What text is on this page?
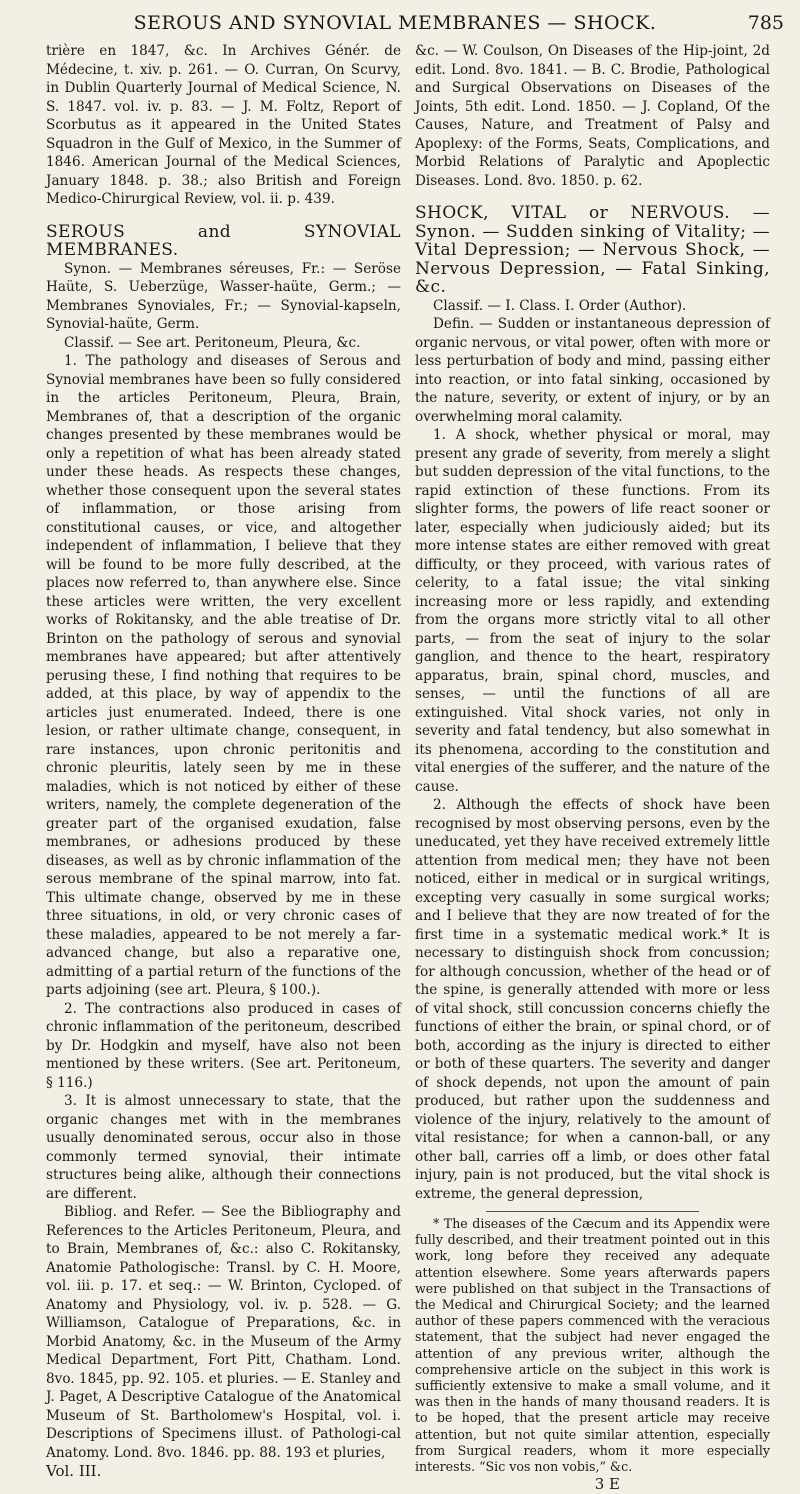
SEROUS AND SYNOVIAL MEMBRANES — SHOCK.	785

trière en 1847, &c. In Archives Génér. de Médecine, t. xiv. p. 261. — O. Curran, On Scurvy, in Dublin Quarterly Journal of Medical Science, N. S. 1847. vol. iv. p. 83. — J. M. Foltz, Report of Scorbutus as it appeared in the United States Squadron in the Gulf of Mexico, in the Summer of 1846. American Journal of the Medical Sciences, January 1848. p. 38.; also British and Foreign Medico-Chirurgical Review, vol. ii. p. 439.

SEROUS and SYNOVIAL MEMBRANES.

Synon. — Membranes séreuses, Fr.: — Seröse Haüte, S. Ueberzüge, Wasser-haüte, Germ.; — Membranes Synoviales, Fr.; — Synovial-kapseln, Synovial-haüte, Germ.

Classif. — See art. Peritoneum, Pleura, &c.

1. The pathology and diseases of Serous and Synovial membranes have been so fully considered in the articles Peritoneum, Pleura, Brain, Membranes of, that a description of the organic changes presented by these membranes would be only a repetition of what has been already stated under these heads. As respects these changes, whether those consequent upon the several states of inflammation, or those arising from constitutional causes, or vice, and altogether independent of inflammation, I believe that they will be found to be more fully described, at the places now referred to, than anywhere else. Since these articles were written, the very excellent works of Rokitansky, and the able treatise of Dr. Brinton on the pathology of serous and synovial membranes have appeared; but after attentively perusing these, I find nothing that requires to be added, at this place, by way of appendix to the articles just enumerated. Indeed, there is one lesion, or rather ultimate change, consequent, in rare instances, upon chronic peritonitis and chronic pleuritis, lately seen by me in these maladies, which is not noticed by either of these writers, namely, the complete degeneration of the greater part of the organised exudation, false membranes, or adhesions produced by these diseases, as well as by chronic inflammation of the serous membrane of the spinal marrow, into fat. This ultimate change, observed by me in these three situations, in old, or very chronic cases of these maladies, appeared to be not merely a far-advanced change, but also a reparative one, admitting of a partial return of the functions of the parts adjoining (see art. Pleura, § 100.).

2. The contractions also produced in cases of chronic inflammation of the peritoneum, described by Dr. Hodgkin and myself, have also not been mentioned by these writers. (See art. Peritoneum, § 116.)

3. It is almost unnecessary to state, that the organic changes met with in the membranes usually denominated serous, occur also in those commonly termed synovial, their intimate structures being alike, although their connections are different.

Bibliog. and Refer. — See the Bibliography and References to the Articles Peritoneum, Pleura, and to Brain, Membranes of, &c.: also C. Rokitansky, Anatomie Pathologische: Transl. by C. H. Moore, vol. iii. p. 17. et seq.: — W. Brinton, Cycloped. of Anatomy and Physiology, vol. iv. p. 528. — G. Williamson, Catalogue of Preparations, &c. in Morbid Anatomy, &c. in the Museum of the Army Medical Department, Fort Pitt, Chatham. Lond. 8vo. 1845, pp. 92. 105. et pluries. — E. Stanley and J. Paget, A Descriptive Catalogue of the Anatomical Museum of St. Bartholomew's Hospital, vol. i. Descriptions of Specimens illust. of Pathologi-cal Anatomy. Lond. 8vo. 1846. pp. 88. 193 et pluries,

Vol. III.

&c. — W. Coulson, On Diseases of the Hip-joint, 2d edit. Lond. 8vo. 1841. — B. C. Brodie, Pathological and Surgical Observations on Diseases of the Joints, 5th edit. Lond. 1850. — J. Copland, Of the Causes, Nature, and Treatment of Palsy and Apoplexy: of the Forms, Seats, Complications, and Morbid Relations of Paralytic and Apoplectic Diseases. Lond. 8vo. 1850. p. 62.

SHOCK, VITAL or NERVOUS. — Synon. — Sudden sinking of Vitality; — Vital Depression; — Nervous Shock, — Nervous Depression, — Fatal Sinking, &c.

Classif. — I. Class. I. Order (Author).

Defin. — Sudden or instantaneous depression of organic nervous, or vital power, often with more or less perturbation of body and mind, passing either into reaction, or into fatal sinking, occasioned by the nature, severity, or extent of injury, or by an overwhelming moral calamity.

1. A shock, whether physical or moral, may present any grade of severity, from merely a slight but sudden depression of the vital functions, to the rapid extinction of these functions. From its slighter forms, the powers of life react sooner or later, especially when judiciously aided; but its more intense states are either removed with great difficulty, or they proceed, with various rates of celerity, to a fatal issue; the vital sinking increasing more or less rapidly, and extending from the organs more strictly vital to all other parts, — from the seat of injury to the solar ganglion, and thence to the heart, respiratory apparatus, brain, spinal chord, muscles, and senses, — until the functions of all are extinguished. Vital shock varies, not only in severity and fatal tendency, but also somewhat in its phenomena, according to the constitution and vital energies of the sufferer, and the nature of the cause.

2. Although the effects of shock have been recognised by most observing persons, even by the uneducated, yet they have received extremely little attention from medical men; they have not been noticed, either in medical or in surgical writings, excepting very casually in some surgical works; and I believe that they are now treated of for the first time in a systematic medical work.* It is necessary to distinguish shock from concussion; for although concussion, whether of the head or of the spine, is generally attended with more or less of vital shock, still concussion concerns chiefly the functions of either the brain, or spinal chord, or of both, according as the injury is directed to either or both of these quarters. The severity and danger of shock depends, not upon the amount of pain produced, but rather upon the suddenness and violence of the injury, relatively to the amount of vital resistance; for when a cannon-ball, or any other ball, carries off a limb, or does other fatal injury, pain is not produced, but the vital shock is extreme, the general depression,

* The diseases of the Cæcum and its Appendix were fully described, and their treatment pointed out in this work, long before they received any adequate attention elsewhere. Some years afterwards papers were published on that subject in the Transactions of the Medical and Chirurgical Society; and the learned author of these papers commenced with the veracious statement, that the subject had never engaged the attention of any previous writer, although the comprehensive article on the subject in this work is sufficiently extensive to make a small volume, and it was then in the hands of many thousand readers. It is to be hoped, that the present article may receive attention, but not quite similar attention, especially from Surgical readers, whom it more especially interests. “Sic vos non vobis,” &c.

3 E
